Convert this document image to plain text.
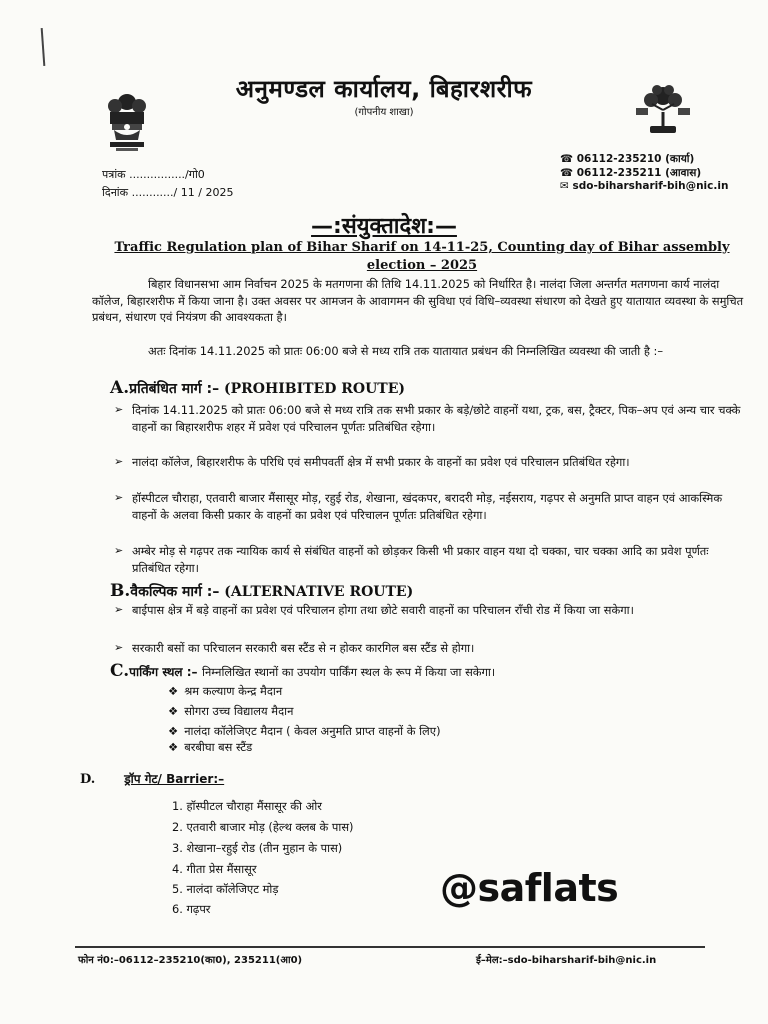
अनुमण्डल कार्यालय, बिहारशरीफ
(गोपनीय शाखा)
पत्रांक ................/गो0
दिनांक ............/ 11 / 2025
☎ 06112-235210 (कार्या)
☎ 06112-235211 (आवास)
✉ sdo-biharsharif-bih@nic.in
—:संयुक्तादेश:—
Traffic Regulation plan of Bihar Sharif on 14-11-25, Counting day of Bihar assembly election – 2025
बिहार विधानसभा आम निर्वाचन 2025 के मतगणना की तिथि 14.11.2025 को निर्धारित है। नालंदा जिला अन्तर्गत मतगणना कार्य नालंदा कॉलेज, बिहारशरीफ में किया जाना है। उक्त अवसर पर आमजन के आवागमन की सुविधा एवं विधि–व्यवस्था संधारण को देखते हुए यातायात व्यवस्था के समुचित प्रबंधन, संधारण एवं नियंत्रण की आवश्यकता है।
अतः दिनांक 14.11.2025 को प्रातः 06:00 बजे से मध्य रात्रि तक यातायात प्रबंधन की निम्नलिखित व्यवस्था की जाती है :–
A.प्रतिबंधित मार्ग :– (PROHIBITED ROUTE)
➢ दिनांक 14.11.2025 को प्रातः 06:00 बजे से मध्य रात्रि तक सभी प्रकार के बड़े/छोटे वाहनों यथा, ट्रक, बस, ट्रैक्टर, पिक–अप एवं अन्य चार चक्के वाहनों का बिहारशरीफ शहर में प्रवेश एवं परिचालन पूर्णतः प्रतिबंधित रहेगा।
➢ नालंदा कॉलेज, बिहारशरीफ के परिधि एवं समीपवर्ती क्षेत्र में सभी प्रकार के वाहनों का प्रवेश एवं परिचालन प्रतिबंधित रहेगा।
➢ हॉस्पीटल चौराहा, एतवारी बाजार मैंसासूर मोड़, रहुई रोड, शेखाना, खंदकपर, बरादरी मोड़, नईसराय, गढ़पर से अनुमति प्राप्त वाहन एवं आकस्मिक वाहनों के अलवा किसी प्रकार के वाहनों का प्रवेश एवं परिचालन पूर्णतः प्रतिबंधित रहेगा।
➢ अम्बेर मोड़ से गढ़पर तक न्यायिक कार्य से संबंधित वाहनों को छोड़कर किसी भी प्रकार वाहन यथा दो चक्का, चार चक्का आदि का प्रवेश पूर्णतः प्रतिबंधित रहेगा।
B.वैकल्पिक मार्ग :– (ALTERNATIVE ROUTE)
➢ बाईपास क्षेत्र में बड़े वाहनों का प्रवेश एवं परिचालन होगा तथा छोटे सवारी वाहनों का परिचालन राँची रोड में किया जा सकेगा।
➢ सरकारी बसों का परिचालन सरकारी बस स्टैंड से न होकर कारगिल बस स्टैंड से होगा।
C.पार्किंग स्थल :– निम्नलिखित स्थानों का उपयोग पार्किंग स्थल के रूप में किया जा सकेगा।
❖ श्रम कल्याण केन्द्र मैदान
❖ सोगरा उच्च विद्यालय मैदान
❖ नालंदा कॉलेजिएट मैदान ( केवल अनुमति प्राप्त वाहनों के लिए)
❖ बरबीघा बस स्टैंड
D. ड्रॉप गेट/ Barrier:–
1. हॉस्पीटल चौराहा मैंसासूर की ओर
2. एतवारी बाजार मोड़ (हेल्थ क्लब के पास)
3. शेखाना–रहुई रोड (तीन मुहान के पास)
4. गीता प्रेस मैंसासूर
5. नालंदा कॉलेजिएट मोड़
6. गढ़पर	@saflats
फोन नं0:–06112–235210(का0), 235211(आ0)	ई–मेल:–sdo-biharsharif-bih@nic.in
